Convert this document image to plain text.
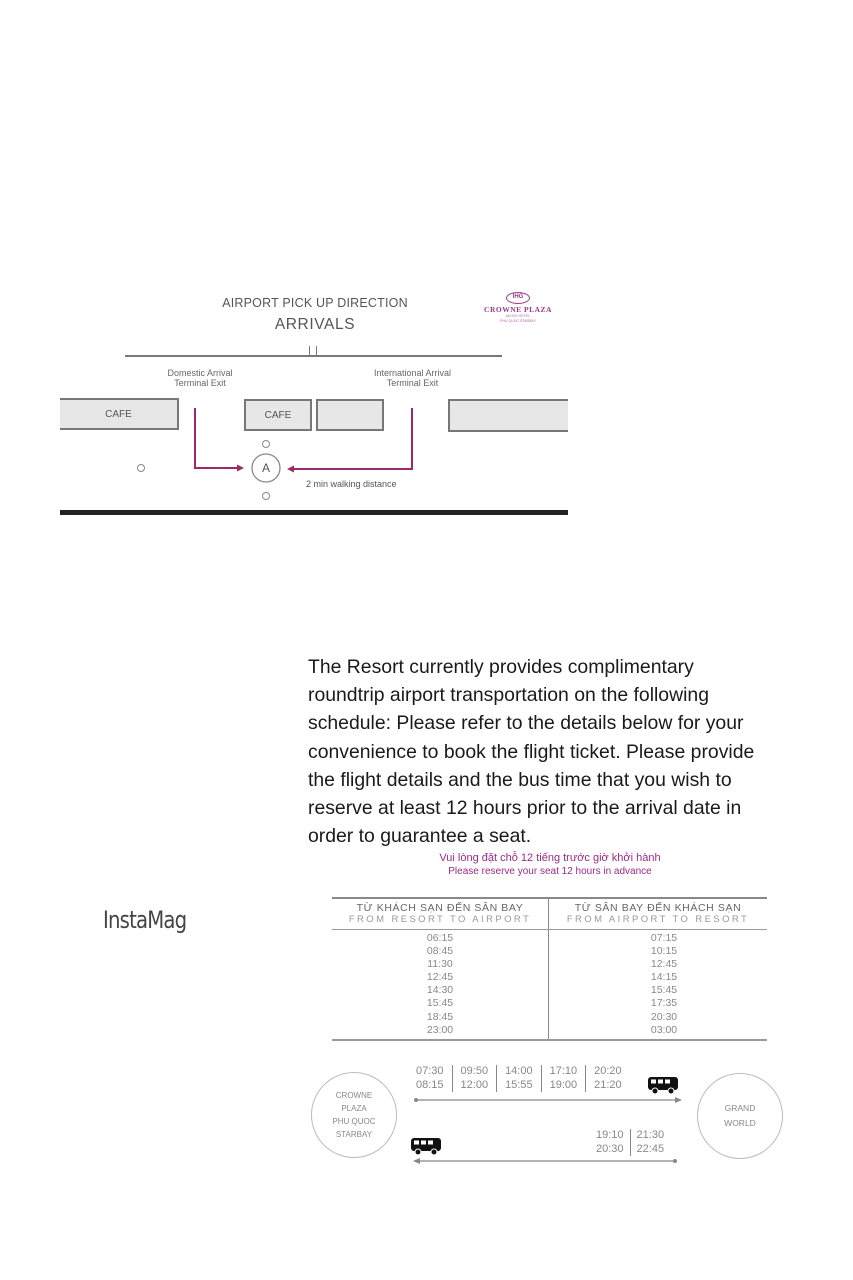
AIRPORT PICK UP DIRECTION
ARRIVALS
IHG
CROWNE PLAZA
AN IHG HOTEL
PHU QUOC STARBAY
Domestic Arrival
Terminal Exit
International Arrival
Terminal Exit
CAFE	CAFE
A
2 min walking distance
The Resort currently provides complimentary
roundtrip airport transportation on the following
schedule: Please refer to the details below for your
convenience to book the flight ticket. Please provide
the flight details and the bus time that you wish to
reserve at least 12 hours prior to the arrival date in
order to guarantee a seat.
Vui lòng đặt chỗ 12 tiếng trước giờ khởi hành
Please reserve your seat 12 hours in advance
InstaMag	TỪ KHÁCH SẠN ĐẾN SÂN BAY
FROM RESORT TO AIRPORT
TỪ SÂN BAY ĐẾN KHÁCH SẠN
FROM AIRPORT TO RESORT
06:15
08:45
11:30
12:45
14:30
15:45
18:45
23:00
07:15
10:15
12:45
14:15
15:45
17:35
20:30
03:00
CROWNE
PLAZA
PHU QUOC
STARBAY
GRAND
WORLD
07:30
08:15
09:50
12:00
14:00
15:55
17:10
19:00
20:20
21:20
19:10
20:30
21:30
22:45
